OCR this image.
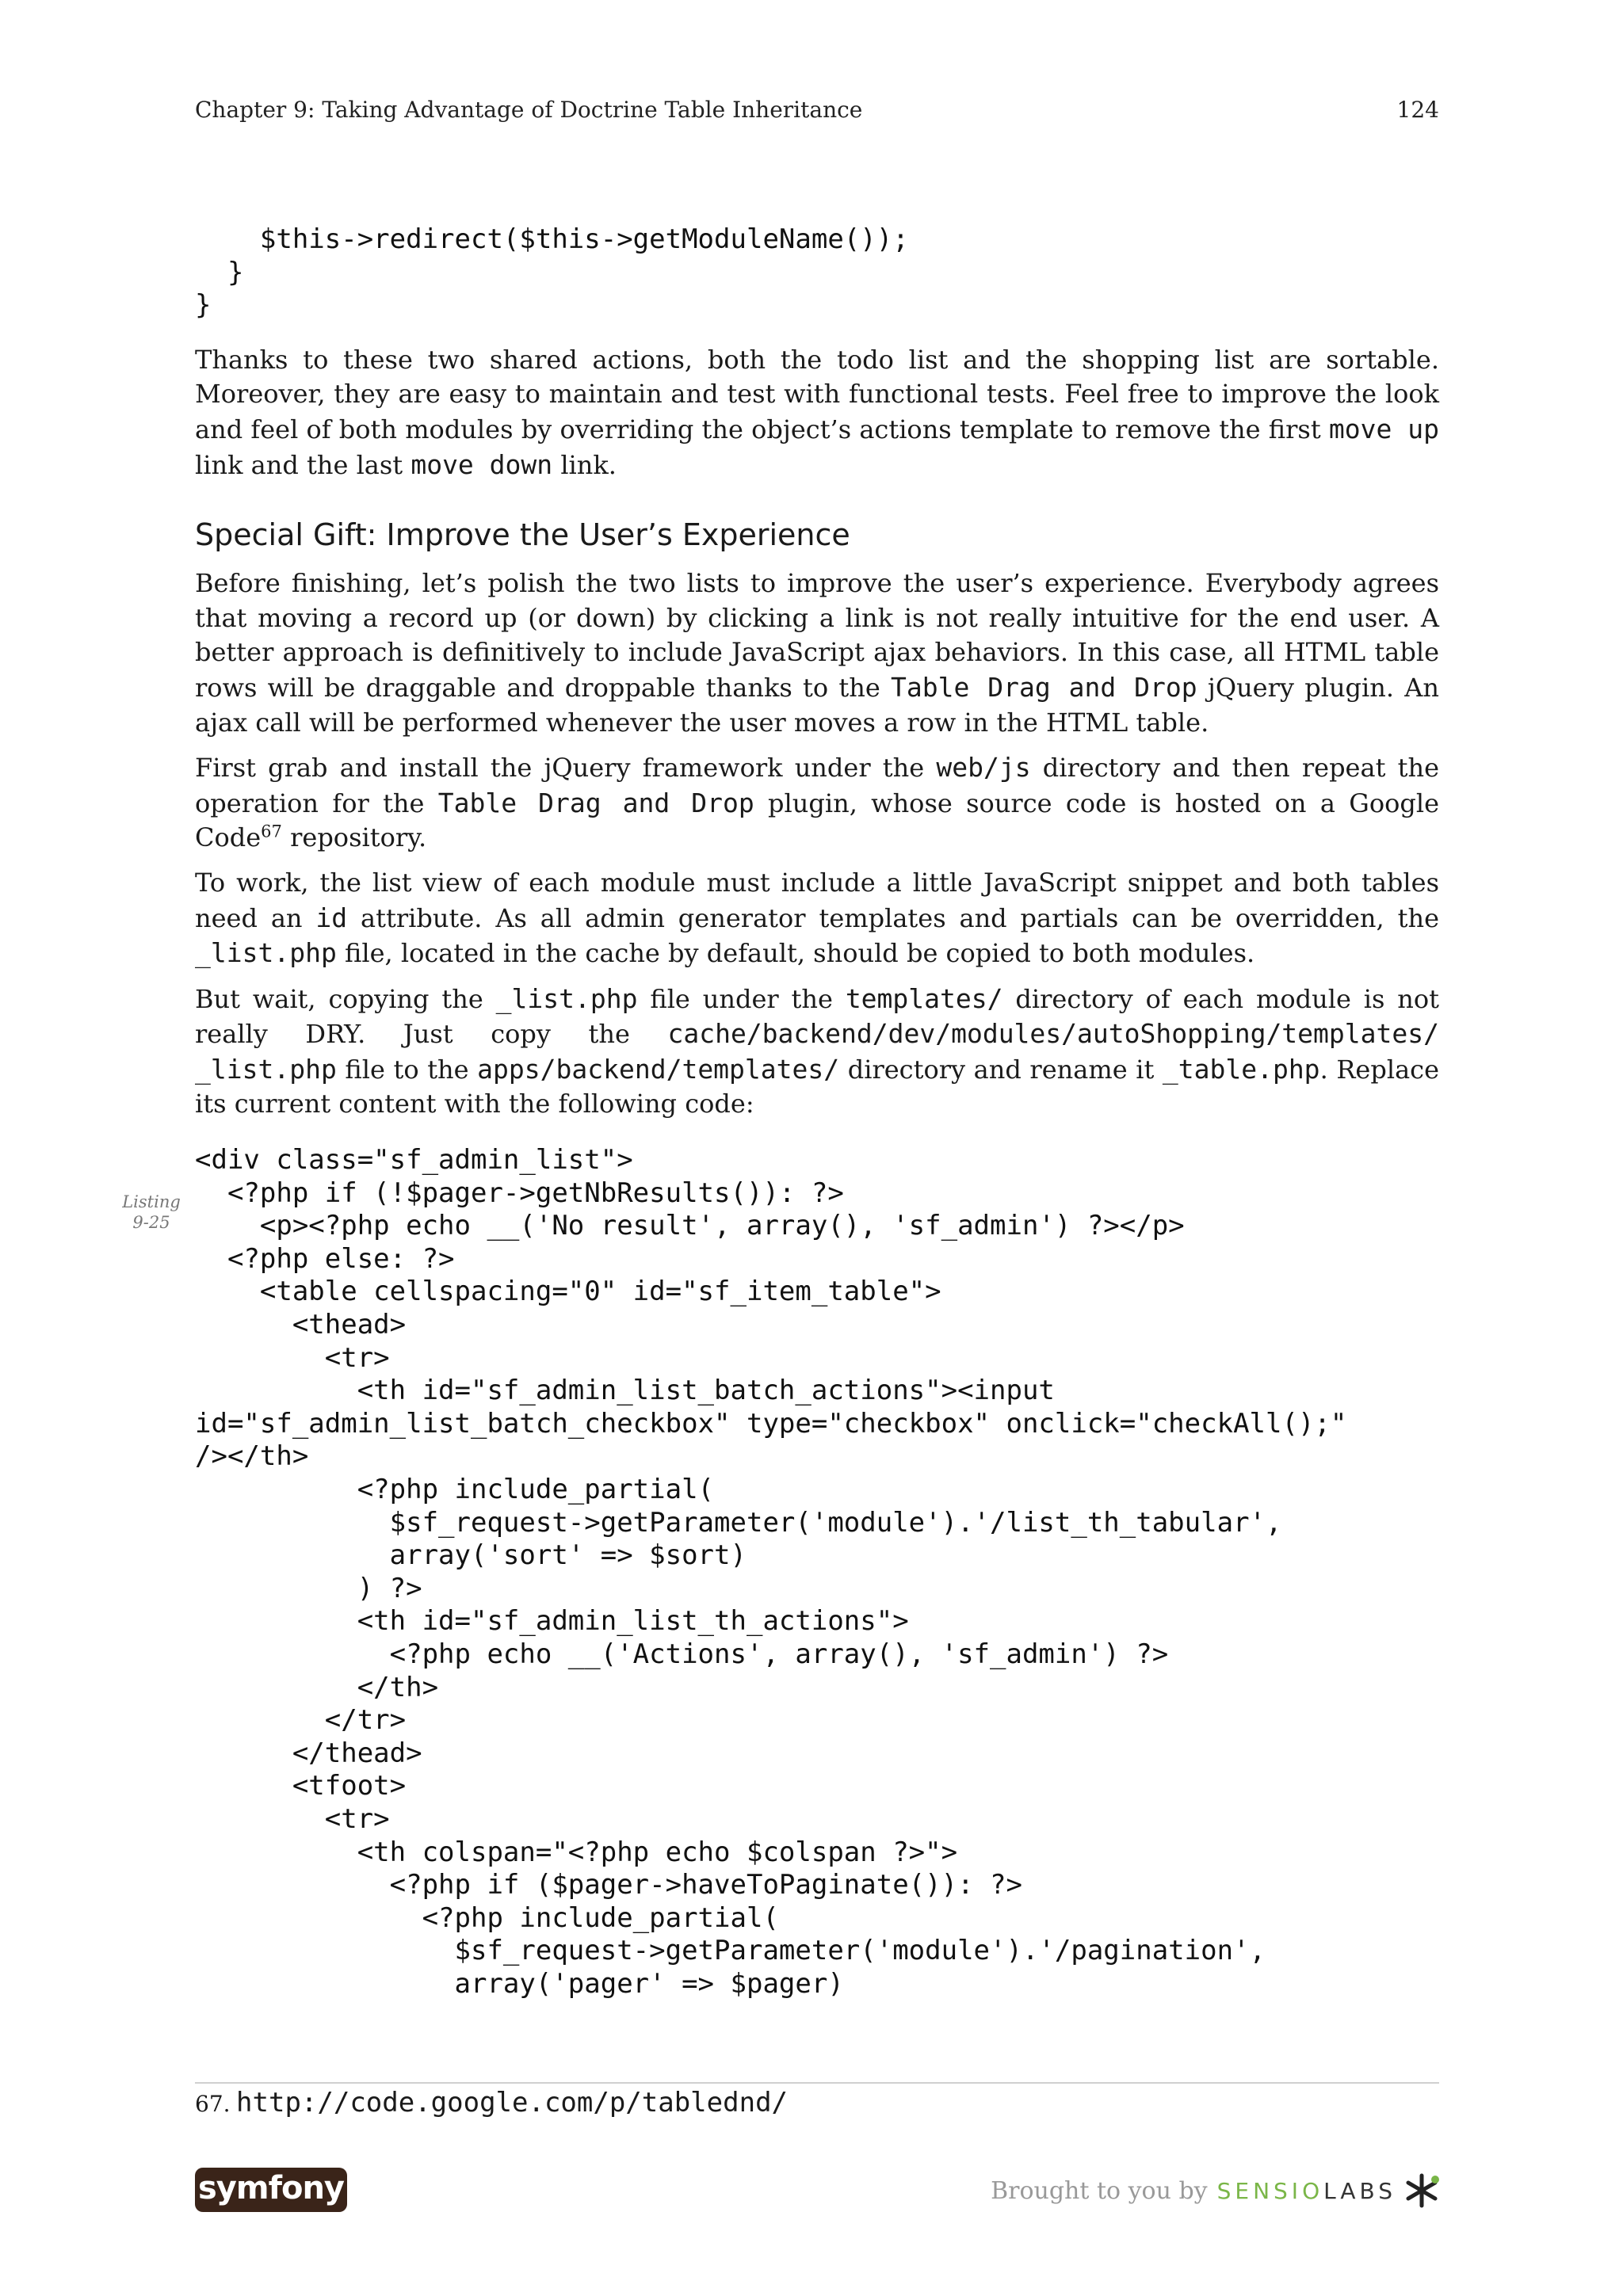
Chapter 9: Taking Advantage of Doctrine Table Inheritance	124
$this->redirect($this->getModuleName());
}
}

Thanks to these two shared actions, both the todo list and the shopping list are sortable. Moreover, they are easy to maintain and test with functional tests. Feel free to improve the look and feel of both modules by overriding the object’s actions template to remove the first move up link and the last move down link.

Special Gift: Improve the User’s Experience

Before finishing, let’s polish the two lists to improve the user’s experience. Everybody agrees that moving a record up (or down) by clicking a link is not really intuitive for the end user. A better approach is definitively to include JavaScript ajax behaviors. In this case, all HTML table rows will be draggable and droppable thanks to the Table Drag and Drop jQuery plugin. An ajax call will be performed whenever the user moves a row in the HTML table.

First grab and install the jQuery framework under the web/js directory and then repeat the operation for the Table Drag and Drop plugin, whose source code is hosted on a Google Code$^{67}$ repository.

To work, the list view of each module must include a little JavaScript snippet and both tables need an id attribute. As all admin generator templates and partials can be overridden, the _list.php file, located in the cache by default, should be copied to both modules.

But wait, copying the _list.php file under the templates/ directory of each module is not really DRY. Just copy the cache/backend/dev/modules/autoShopping/templates/ _list.php file to the apps/backend/templates/ directory and rename it _table.php. Replace its current content with the following code:

<div class="sf_admin_list">
<?php if (!$pager->getNbResults()): ?>
<p><?php echo __('No result', array(), 'sf_admin') ?></p>
<?php else: ?>
<table cellspacing="0" id="sf_item_table">
<thead>
<tr>
<th id="sf_admin_list_batch_actions"><input
id="sf_admin_list_batch_checkbox" type="checkbox" onclick="checkAll();"
/></th>
<?php include_partial(
$sf_request->getParameter('module').'/list_th_tabular',
array('sort' => $sort)
) ?>
<th id="sf_admin_list_th_actions">
<?php echo __('Actions', array(), 'sf_admin') ?>
</th>
</tr>
</thead>
<tfoot>
<tr>
<th colspan="<?php echo $colspan ?>">
<?php if ($pager->haveToPaginate()): ?>
<?php include_partial(
$sf_request->getParameter('module').'/pagination',
array('pager' => $pager)
Listing
9-25
67. http://code.google.com/p/tablednd/
symfony	Brought to you by SENSIO LABS
